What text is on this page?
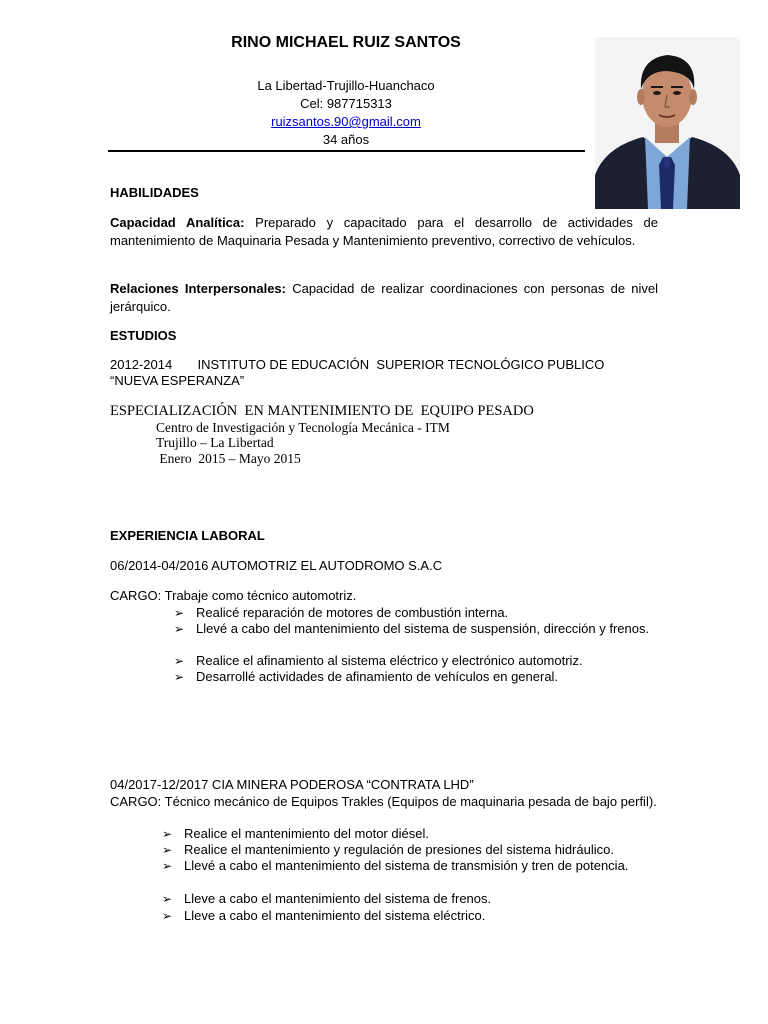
RINO MICHAEL RUIZ SANTOS
La Libertad-Trujillo-Huanchaco
Cel: 987715313
ruizsantos.90@gmail.com
34 años
HABILIDADES
Capacidad Analítica: Preparado y capacitado para el desarrollo de actividades de mantenimiento de Maquinaria Pesada y Mantenimiento preventivo, correctivo de vehículos.
Relaciones Interpersonales: Capacidad de realizar coordinaciones con personas de nivel jerárquico.
ESTUDIOS
2012-2014       INSTITUTO DE EDUCACIÓN  SUPERIOR TECNOLÓGICO PUBLICO
“NUEVA ESPERANZA”
ESPECIALIZACIÓN  EN MANTENIMIENTO DE  EQUIPO PESADO
Centro de Investigación y Tecnología Mecánica - ITM
Trujillo – La Libertad
Enero  2015 – Mayo 2015
EXPERIENCIA LABORAL
06/2014-04/2016 AUTOMOTRIZ EL AUTODROMO S.A.C
CARGO: Trabaje como técnico automotriz.
➢ Realicé reparación de motores de combustión interna.
➢ Llevé a cabo del mantenimiento del sistema de suspensión, dirección y frenos.
➢ Realice el afinamiento al sistema eléctrico y electrónico automotriz.
➢ Desarrollé actividades de afinamiento de vehículos en general.
04/2017-12/2017 CIA MINERA PODEROSA “CONTRATA LHD”
CARGO: Técnico mecánico de Equipos Trakles (Equipos de maquinaria pesada de bajo perfil).
➢ Realice el mantenimiento del motor diésel.
➢ Realice el mantenimiento y regulación de presiones del sistema hidráulico.
➢ Llevé a cabo el mantenimiento del sistema de transmisión y tren de potencia.
➢ Lleve a cabo el mantenimiento del sistema de frenos.
➢ Lleve a cabo el mantenimiento del sistema eléctrico.
